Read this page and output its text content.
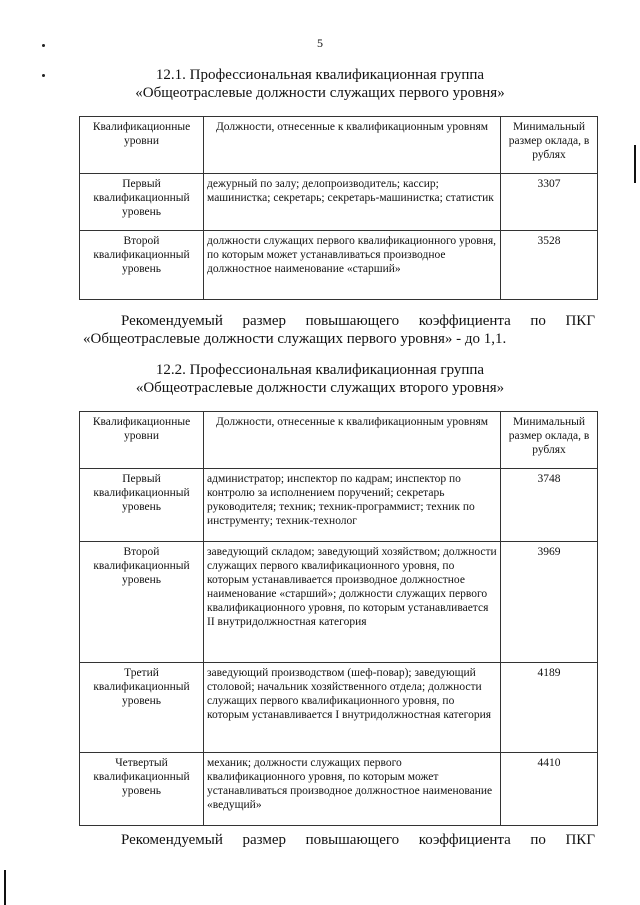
5
12.1. Профессиональная квалификационная группа
«Общеотраслевые должности служащих первого уровня»
Квалификационные уровни	Должности, отнесенные к квалификационным уровням	Минимальный размер оклада, в рублях
Первый квалификационный уровень	дежурный по залу; делопроизводитель; кассир; машинистка; секретарь; секретарь-машинистка; статистик	3307
Второй квалификационный уровень	должности служащих первого квалификационного уровня, по которым может устанавливаться производное должностное наименование «старший»	3528
Рекомендуемый размер повышающего коэффициента по ПКГ
«Общеотраслевые должности служащих первого уровня» - до 1,1.
12.2. Профессиональная квалификационная группа
«Общеотраслевые должности служащих второго уровня»
Квалификационные уровни	Должности, отнесенные к квалификационным уровням	Минимальный размер оклада, в рублях
Первый квалификационный уровень	администратор; инспектор по кадрам; инспектор по контролю за исполнением поручений; секретарь руководителя; техник; техник-программист; техник по инструменту; техник-технолог	3748
Второй квалификационный уровень	заведующий складом; заведующий хозяйством; должности служащих первого квалификационного уровня, по которым устанавливается производное должностное наименование «старший»; должности служащих первого квалификационного уровня, по которым устанавливается II внутридолжностная категория	3969
Третий квалификационный уровень	заведующий производством (шеф-повар); заведующий столовой; начальник хозяйственного отдела; должности служащих первого квалификационного уровня, по которым устанавливается I внутридолжностная категория	4189
Четвертый квалификационный уровень	механик; должности служащих первого квалификационного уровня, по которым может устанавливаться производное должностное наименование «ведущий»	4410
Рекомендуемый размер повышающего коэффициента по ПКГ
